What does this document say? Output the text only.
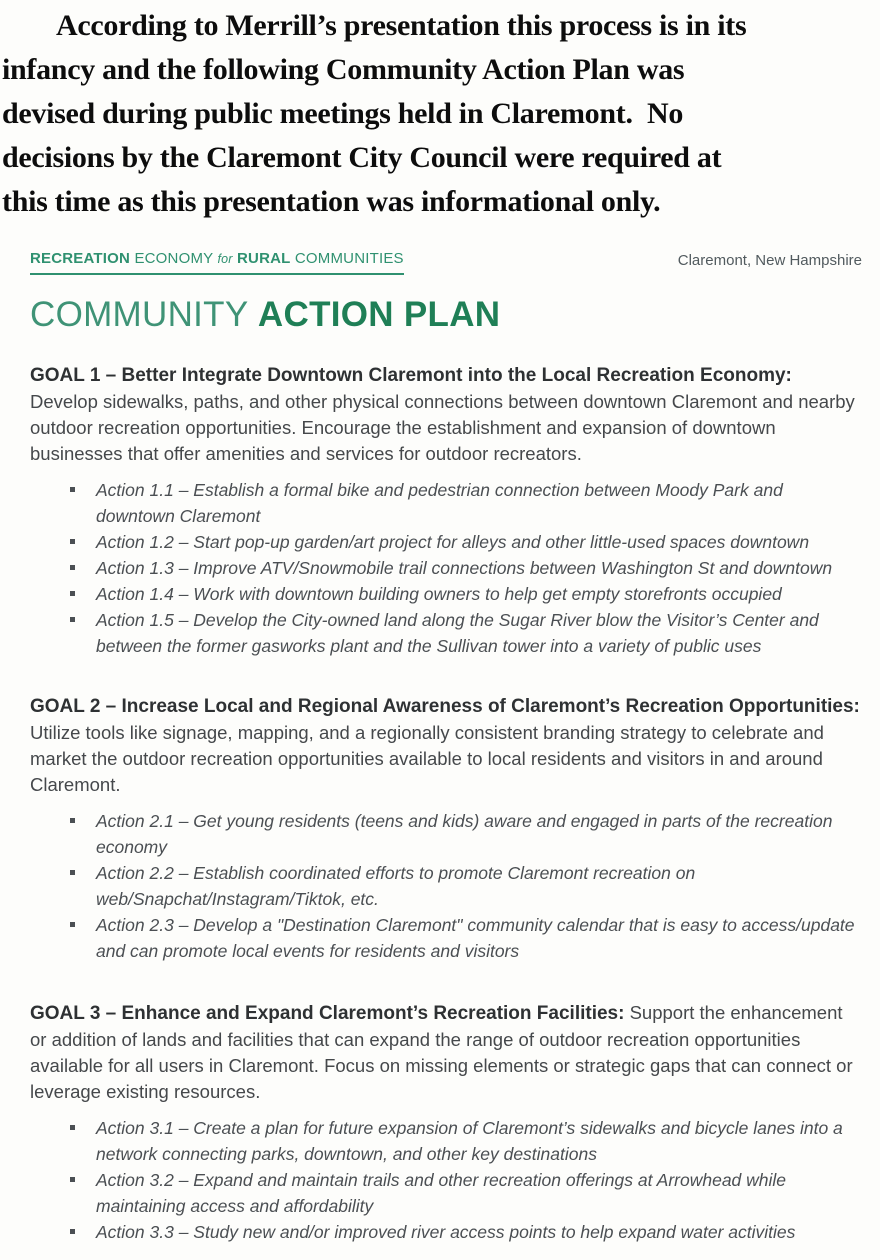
According to Merrill’s presentation this process is in its
infancy and the following Community Action Plan was
devised during public meetings held in Claremont.  No
decisions by the Claremont City Council were required at
this time as this presentation was informational only.
RECREATION ECONOMY for RURAL COMMUNITIES	Claremont, New Hampshire
COMMUNITY ACTION PLAN

GOAL 1 – Better Integrate Downtown Claremont into the Local Recreation Economy:

Develop sidewalks, paths, and other physical connections between downtown Claremont and nearby outdoor recreation opportunities. Encourage the establishment and expansion of downtown businesses that offer amenities and services for outdoor recreators.

Action 1.1 – Establish a formal bike and pedestrian connection between Moody Park and downtown Claremont
Action 1.2 – Start pop-up garden/art project for alleys and other little-used spaces downtown
Action 1.3 – Improve ATV/Snowmobile trail connections between Washington St and downtown
Action 1.4 – Work with downtown building owners to help get empty storefronts occupied
Action 1.5 – Develop the City-owned land along the Sugar River blow the Visitor’s Center and between the former gasworks plant and the Sullivan tower into a variety of public uses

GOAL 2 – Increase Local and Regional Awareness of Claremont’s Recreation Opportunities: Utilize tools like signage, mapping, and a regionally consistent branding strategy to celebrate and market the outdoor recreation opportunities available to local residents and visitors in and around Claremont.

Action 2.1 – Get young residents (teens and kids) aware and engaged in parts of the recreation economy
Action 2.2 – Establish coordinated efforts to promote Claremont recreation on web/Snapchat/Instagram/Tiktok, etc.
Action 2.3 – Develop a "Destination Claremont" community calendar that is easy to access/update and can promote local events for residents and visitors

GOAL 3 – Enhance and Expand Claremont’s Recreation Facilities: Support the enhancement or addition of lands and facilities that can expand the range of outdoor recreation opportunities available for all users in Claremont. Focus on missing elements or strategic gaps that can connect or leverage existing resources.

Action 3.1 – Create a plan for future expansion of Claremont’s sidewalks and bicycle lanes into a network connecting parks, downtown, and other key destinations
Action 3.2 – Expand and maintain trails and other recreation offerings at Arrowhead while maintaining access and affordability
Action 3.3 – Study new and/or improved river access points to help expand water activities
